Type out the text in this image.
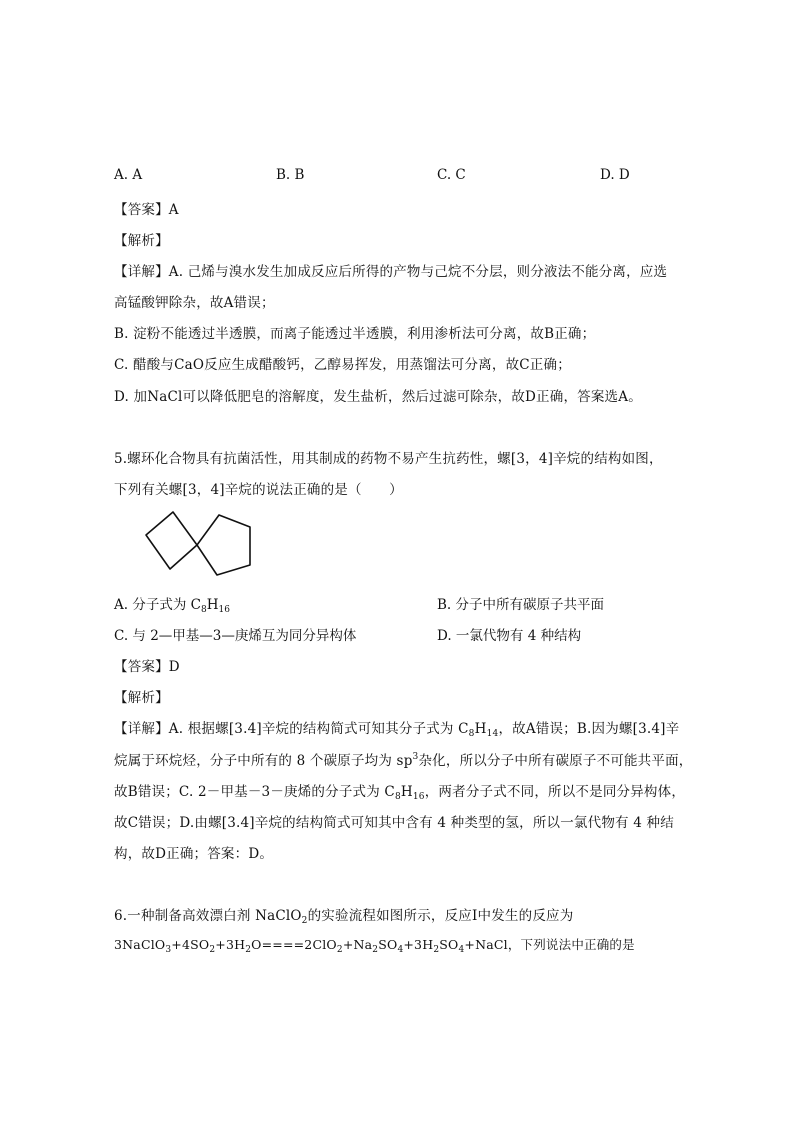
A. A	B. B	C. C	D. D
【答案】A
【解析】
【详解】A. 己烯与溴水发生加成反应后所得的产物与己烷不分层，则分液法不能分离，应选
高锰酸钾除杂，故A错误；
B. 淀粉不能透过半透膜，而离子能透过半透膜，利用渗析法可分离，故B正确；
C. 醋酸与CaO反应生成醋酸钙，乙醇易挥发，用蒸馏法可分离，故C正确；
D. 加NaCl可以降低肥皂的溶解度，发生盐析，然后过滤可除杂，故D正确，答案选A。
5.螺环化合物具有抗菌活性，用其制成的药物不易产生抗药性，螺[3，4]辛烷的结构如图，
下列有关螺[3，4]辛烷的说法正确的是（　　）
A. 分子式为 $C_8H_{16}$	B. 分子中所有碳原子共平面
C. 与 2—甲基—3—庚烯互为同分异构体	D. 一氯代物有 4 种结构
【答案】D
【解析】
【详解】A. 根据螺[3.4]辛烷的结构简式可知其分子式为 $C_8H_{14}$，故A错误；B.因为螺[3.4]辛
烷属于环烷烃，分子中所有的 8 个碳原子均为 $sp^3$杂化，所以分子中所有碳原子不可能共平面，
故B错误；C. 2－甲基－3－庚烯的分子式为 $C_8H_{16}$，两者分子式不同，所以不是同分异构体，
故C错误；D.由螺[3.4]辛烷的结构简式可知其中含有 4 种类型的氢，所以一氯代物有 4 种结
构，故D正确；答案：D。
6.一种制备高效漂白剂 NaClO$_2$的实验流程如图所示，反应Ⅰ中发生的反应为
$3NaClO_3+4SO_2+3H_2O====2ClO_2+Na_2SO_4+3H_2SO_4+NaCl$，下列说法中正确的是
